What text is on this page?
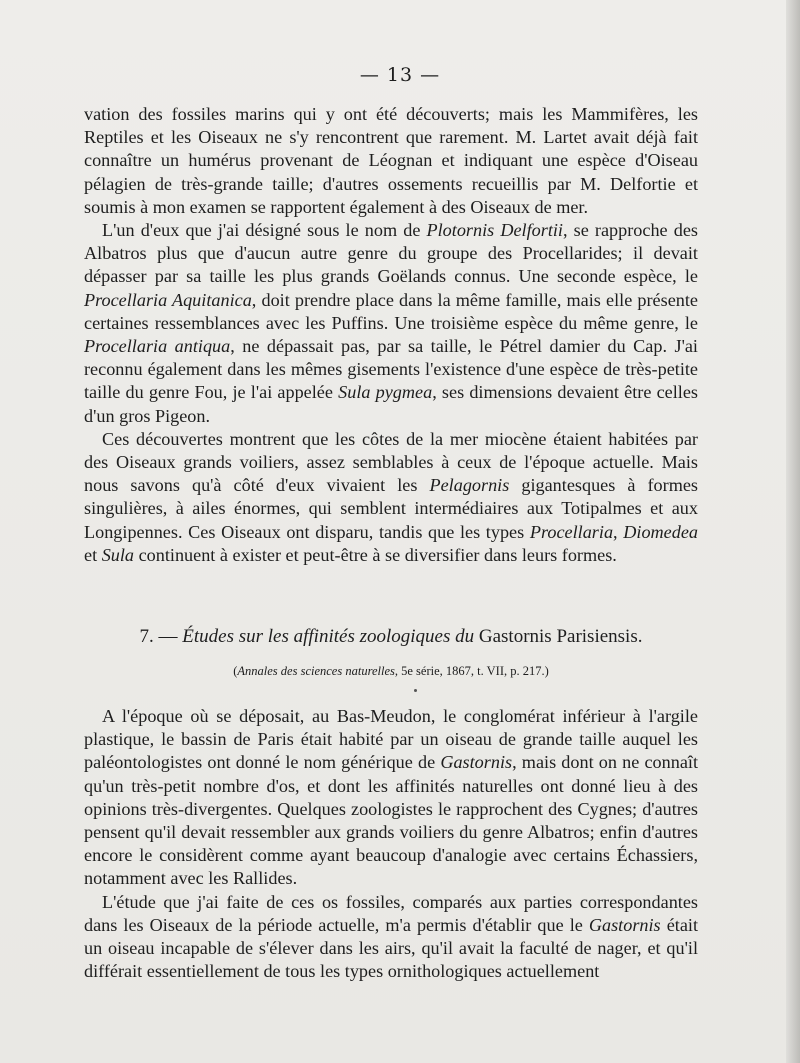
— 13 —

vation des fossiles marins qui y ont été découverts; mais les Mammifères, les Reptiles et les Oiseaux ne s'y rencontrent que rarement. M. Lartet avait déjà fait connaître un humérus provenant de Léognan et indiquant une espèce d'Oiseau pélagien de très-grande taille; d'autres ossements recueillis par M. Delfortie et soumis à mon examen se rapportent également à des Oiseaux de mer.

L'un d'eux que j'ai désigné sous le nom de Plotornis Delfortii, se rapproche des Albatros plus que d'aucun autre genre du groupe des Procellarides; il devait dépasser par sa taille les plus grands Goëlands connus. Une seconde espèce, le Procellaria Aquitanica, doit prendre place dans la même famille, mais elle présente certaines ressemblances avec les Puffins. Une troisième espèce du même genre, le Procellaria antiqua, ne dépassait pas, par sa taille, le Pétrel damier du Cap. J'ai reconnu également dans les mêmes gisements l'existence d'une espèce de très-petite taille du genre Fou, je l'ai appelée Sula pygmea, ses dimensions devaient être celles d'un gros Pigeon.

Ces découvertes montrent que les côtes de la mer miocène étaient habitées par des Oiseaux grands voiliers, assez semblables à ceux de l'époque actuelle. Mais nous savons qu'à côté d'eux vivaient les Pelagornis gigantesques à formes singulières, à ailes énormes, qui semblent intermédiaires aux Totipalmes et aux Longipennes. Ces Oiseaux ont disparu, tandis que les types Procellaria, Diomedea et Sula continuent à exister et peut-être à se diversifier dans leurs formes.

7. — Études sur les affinités zoologiques du Gastornis Parisiensis.
(Annales des sciences naturelles, 5e série, 1867, t. VII, p. 217.)

A l'époque où se déposait, au Bas-Meudon, le conglomérat inférieur à l'argile plastique, le bassin de Paris était habité par un oiseau de grande taille auquel les paléontologistes ont donné le nom générique de Gastornis, mais dont on ne connaît qu'un très-petit nombre d'os, et dont les affinités naturelles ont donné lieu à des opinions très-divergentes. Quelques zoologistes le rapprochent des Cygnes; d'autres pensent qu'il devait ressembler aux grands voiliers du genre Albatros; enfin d'autres encore le considèrent comme ayant beaucoup d'analogie avec certains Échassiers, notamment avec les Rallides.

L'étude que j'ai faite de ces os fossiles, comparés aux parties correspondantes dans les Oiseaux de la période actuelle, m'a permis d'établir que le Gastornis était un oiseau incapable de s'élever dans les airs, qu'il avait la faculté de nager, et qu'il différait essentiellement de tous les types ornithologiques actuellement
